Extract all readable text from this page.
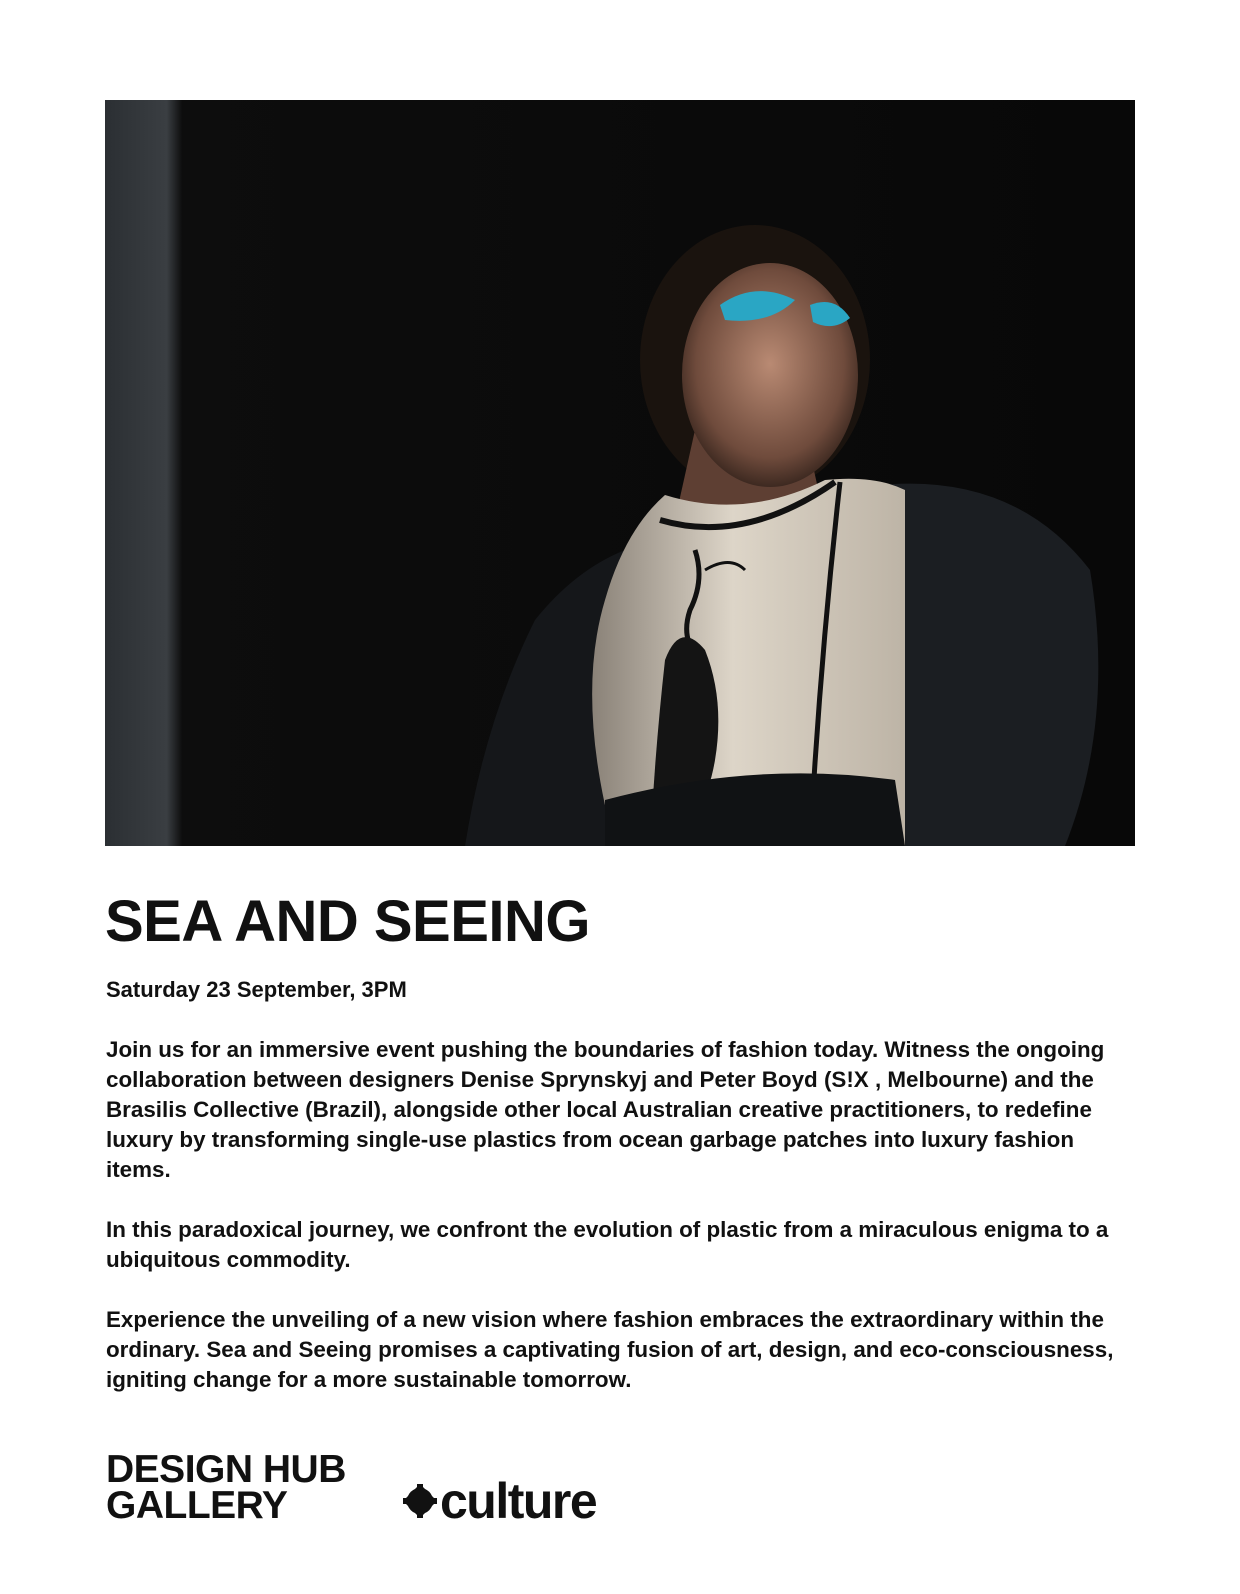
SEA AND SEEING
Saturday 23 September, 3PM

Join us for an immersive event pushing the boundaries of fashion today. Witness the ongoing collaboration between designers Denise Sprynskyj and Peter Boyd (S!X , Melbourne) and the Brasilis Collective (Brazil), alongside other local Australian creative practitioners, to redefine luxury by transforming single-use plastics from ocean garbage patches into luxury fashion items.

In this paradoxical journey, we confront the evolution of plastic from a miraculous enigma to a ubiquitous commodity.

Experience the unveiling of a new vision where fashion embraces the extraordinary within the ordinary. Sea and Seeing promises a captivating fusion of art, design, and eco-consciousness, igniting change for a more sustainable tomorrow.

DESIGN HUB
GALLERY	culture
